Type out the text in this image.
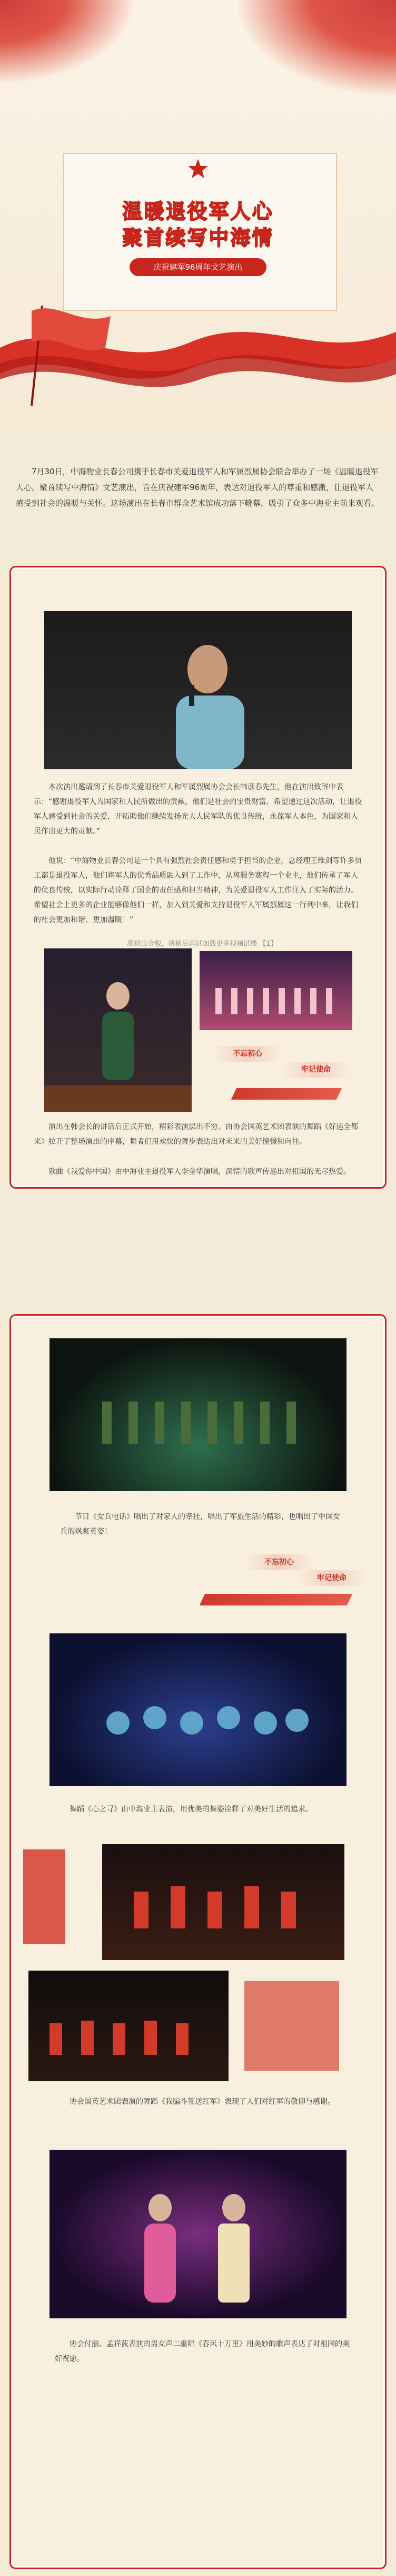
温暖退役军人心
聚首续写中海情
庆祝建军96周年文艺演出
7月30日，中海物业长春公司携手长春市关爱退役军人和军属烈属协会联合举办了一场《温暖退役军人心，聚首续写中海情》文艺演出，旨在庆祝建军96周年，表达对退役军人的尊重和感激，让退役军人感受到社会的温暖与关怀。这场演出在长春市群众艺术馆成功落下帷幕，吸引了众多中海业主前来观看。
本次演出邀请到了长春市关爱退役军人和军属烈属协会会长韩彦春先生，他在演出致辞中表示：“感谢退役军人为国家和人民所做出的贡献，他们是社会的宝贵财富，希望通过这次活动，让退役军人感受到社会的关爱，开拓助他们继续发扬光大人民军队的优良传统，永葆军人本色，为国家和人民作出更大的贡献。”
他说：“中海物业长春公司是一个具有强烈社会责任感和勇于担当的企业，总经理王维剑等许多员工都是退役军人，他们将军人的优秀品质融入到了工作中，从离服务赛程一个业主，他们传承了军人的优良传统，以实际行动诠释了国企的责任感和担当精神，为关爱退役军人工作注入了实际的活力。希望社会上更多的企业能够像他们一样，加入到关爱和支持退役军人军属烈属这一行列中来，让我们的社会更加和谐、更加温暖！”
潮退出金服，请稍后再试加载更多视频试播 【1】
不忘初心
牢记使命
演出在韩会长的讲话后正式开始，精彩表演层出不穷。由协会国英艺术团表演的舞蹈《好运全都来》拉开了整场演出的序幕，舞者们用欢快的舞步表达出对未来的美好憧憬和向往。
歌曲《我爱你中国》由中海业主退役军人李金华演唱，深情的歌声传递出对祖国的无尽热爱。
节目《女兵电话》唱出了对家人的牵挂，唱出了军旅生活的精彩，也唱出了中国女兵的飒爽英姿！
不忘初心
牢记使命
舞蹈《心之寻》由中海业主表演，用优美的舞姿诠释了对美好生活的追求。
协会国英艺术团表演的舞蹈《我骗斗签送红军》表现了人们对红军的敬仰与感谢。
协会付丽、孟祥荻表演的男女声二重唱《春风十万里》用美妙的歌声表达了对祖国的美好祝愿。
